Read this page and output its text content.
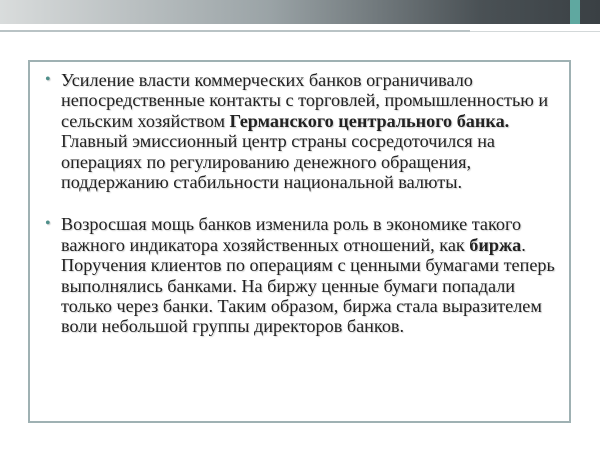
• Усиление власти коммерческих банков ограничивало непосредственные контакты с торговлей, промышленностью и сельским хозяйством Германского центрального банка. Главный эмиссионный центр страны сосредоточился на операциях по регулированию денежного обращения, поддержанию стабильности национальной валюты.
• Возросшая мощь банков изменила роль в экономике такого важного индикатора хозяйственных отношений, как биржа. Поручения клиентов по операциям с ценными бумагами теперь выполнялись банками. На биржу ценные бумаги попадали только через банки. Таким образом, биржа стала выразителем воли небольшой группы директоров банков.
